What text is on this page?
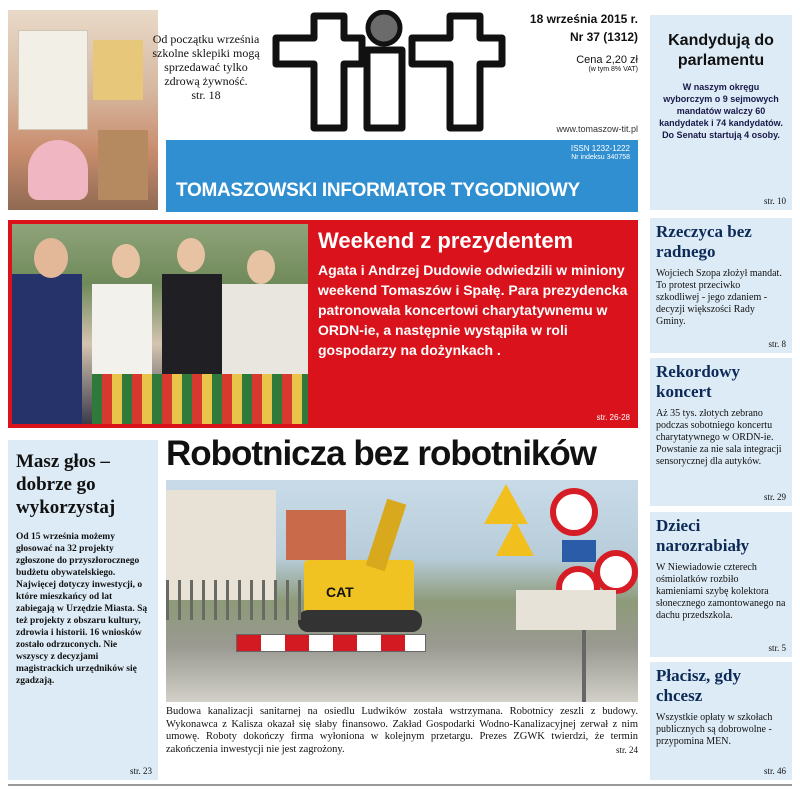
Od początku września szkolne sklepiki mogą sprzedawać tylko zdrową żywność.
str. 18
18 września 2015 r.
Nr 37 (1312)
Cena 2,20 zł
(w tym 8% VAT)
www.tomaszow-tit.pl
ISSN 1232-1222
Nr indeksu 340758
TOMASZOWSKI INFORMATOR TYGODNIOWY
Kandydują do parlamentu
W naszym okręgu wyborczym o 9 sejmowych mandatów walczy 60 kandydatek i 74 kandydatów. Do Senatu startują 4 osoby.
str. 10
Rzeczyca bez radnego
Wojciech Szopa złożył mandat. To protest przeciwko szkodliwej - jego zdaniem - decyzji większości Rady Gminy.
str. 8
Rekordowy koncert
Aż 35 tys. złotych zebrano podczas sobotniego koncertu charytatywnego w ORDN-ie. Powstanie za nie sala integracji sensorycznej dla autyków.
str. 29
Dzieci narozrabiały
W Niewiadowie czterech ośmiolatków rozbiło kamieniami szybę kolektora słonecznego zamontowanego na dachu przedszkola.
str. 5
Płacisz, gdy chcesz
Wszystkie opłaty w szkołach publicznych są dobrowolne - przypomina MEN.
str. 46
Weekend z prezydentem
Agata i Andrzej Dudowie odwiedzili w miniony weekend Tomaszów i Spałę. Para prezydencka patronowała koncertowi charytatywnemu w ORDN-ie, a następnie wystąpiła w roli gospodarzy na dożynkach .
str. 26-28
Masz głos – dobrze go wykorzystaj
Od 15 września możemy głosować na 32 projekty zgłoszone do przyszłorocznego budżetu obywatelskiego. Najwięcej dotyczy inwestycji, o które mieszkańcy od lat zabiegają w Urzędzie Miasta. Są też projekty z obszaru kultury, zdrowia i historii. 16 wniosków zostało odrzuconych. Nie wszyscy z decyzjami magistrackich urzędników się zgadzają.
str. 23
Robotnicza bez robotników
CAT
Budowa kanalizacji sanitarnej na osiedlu Ludwików została wstrzymana. Robotnicy zeszli z budowy. Wykonawca z Kalisza okazał się słaby finansowo. Zakład Gospodarki Wodno-Kanalizacyjnej zerwał z nim umowę. Roboty dokończy firma wyłoniona w kolejnym przetargu. Prezes ZGWK twierdzi, że termin zakończenia inwestycji nie jest zagrożony.	str. 24
